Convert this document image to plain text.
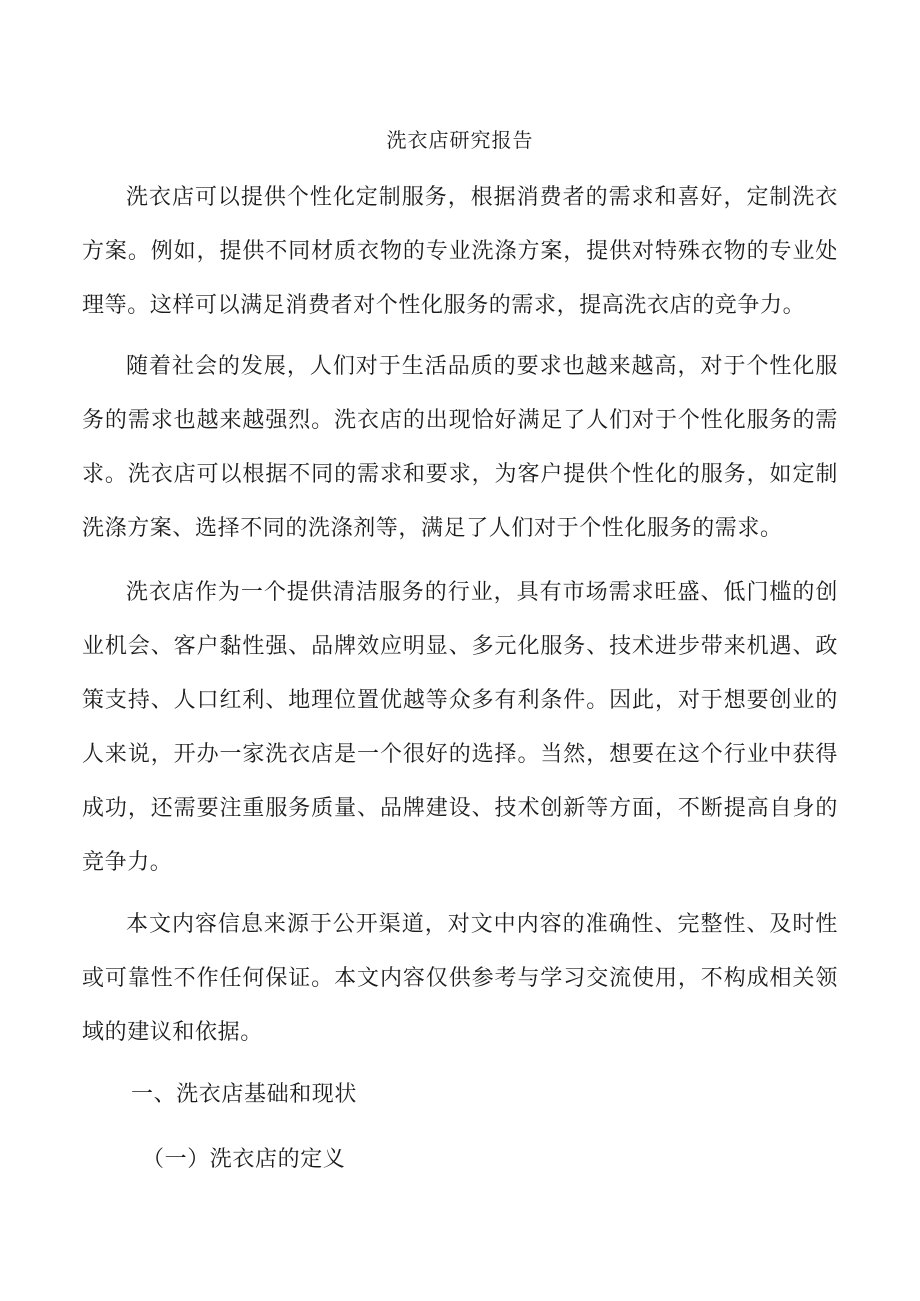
洗衣店研究报告

洗衣店可以提供个性化定制服务，根据消费者的需求和喜好，定制洗衣方案。例如，提供不同材质衣物的专业洗涤方案，提供对特殊衣物的专业处理等。这样可以满足消费者对个性化服务的需求，提高洗衣店的竞争力。

随着社会的发展，人们对于生活品质的要求也越来越高，对于个性化服务的需求也越来越强烈。洗衣店的出现恰好满足了人们对于个性化服务的需求。洗衣店可以根据不同的需求和要求，为客户提供个性化的服务，如定制洗涤方案、选择不同的洗涤剂等，满足了人们对于个性化服务的需求。

洗衣店作为一个提供清洁服务的行业，具有市场需求旺盛、低门槛的创业机会、客户黏性强、品牌效应明显、多元化服务、技术进步带来机遇、政策支持、人口红利、地理位置优越等众多有利条件。因此，对于想要创业的人来说，开办一家洗衣店是一个很好的选择。当然，想要在这个行业中获得成功，还需要注重服务质量、品牌建设、技术创新等方面，不断提高自身的竞争力。

本文内容信息来源于公开渠道，对文中内容的准确性、完整性、及时性或可靠性不作任何保证。本文内容仅供参考与学习交流使用，不构成相关领域的建议和依据。

一、洗衣店基础和现状
（一）洗衣店的定义
